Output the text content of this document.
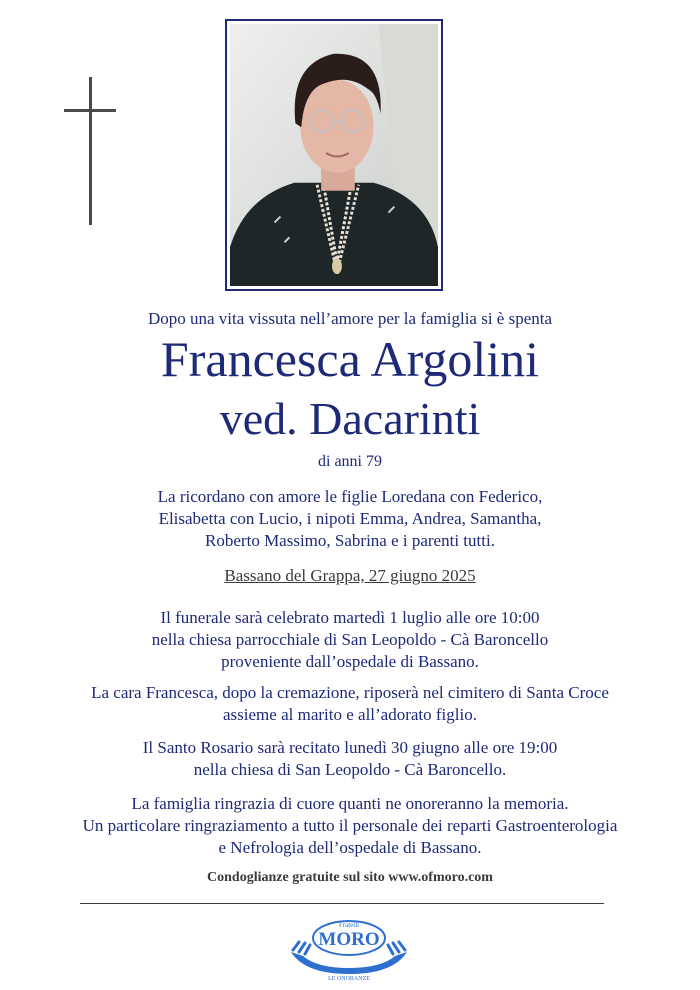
Dopo una vita vissuta nell’amore per la famiglia si è spenta
Francesca Argolini
ved. Dacarinti
di anni 79
La ricordano con amore le figlie Loredana con Federico,
Elisabetta con Lucio, i nipoti Emma, Andrea, Samantha,
Roberto Massimo, Sabrina e i parenti tutti.
Bassano del Grappa, 27 giugno 2025
Il funerale sarà celebrato martedì 1 luglio alle ore 10:00
nella chiesa parrocchiale di San Leopoldo - Cà Baroncello
proveniente dall’ospedale di Bassano.
La cara Francesca, dopo la cremazione, riposerà nel cimitero di Santa Croce
assieme al marito e all’adorato figlio.
Il Santo Rosario sarà recitato lunedì 30 giugno alle ore 19:00
nella chiesa di San Leopoldo - Cà Baroncello.
La famiglia ringrazia di cuore quanti ne onoreranno la memoria.
Un particolare ringraziamento a tutto il personale dei reparti Gastroenterologia
e Nefrologia dell’ospedale di Bassano.
Condoglianze gratuite sul sito www.ofmoro.com
Fratelli
MORO
LE ONORANZE
